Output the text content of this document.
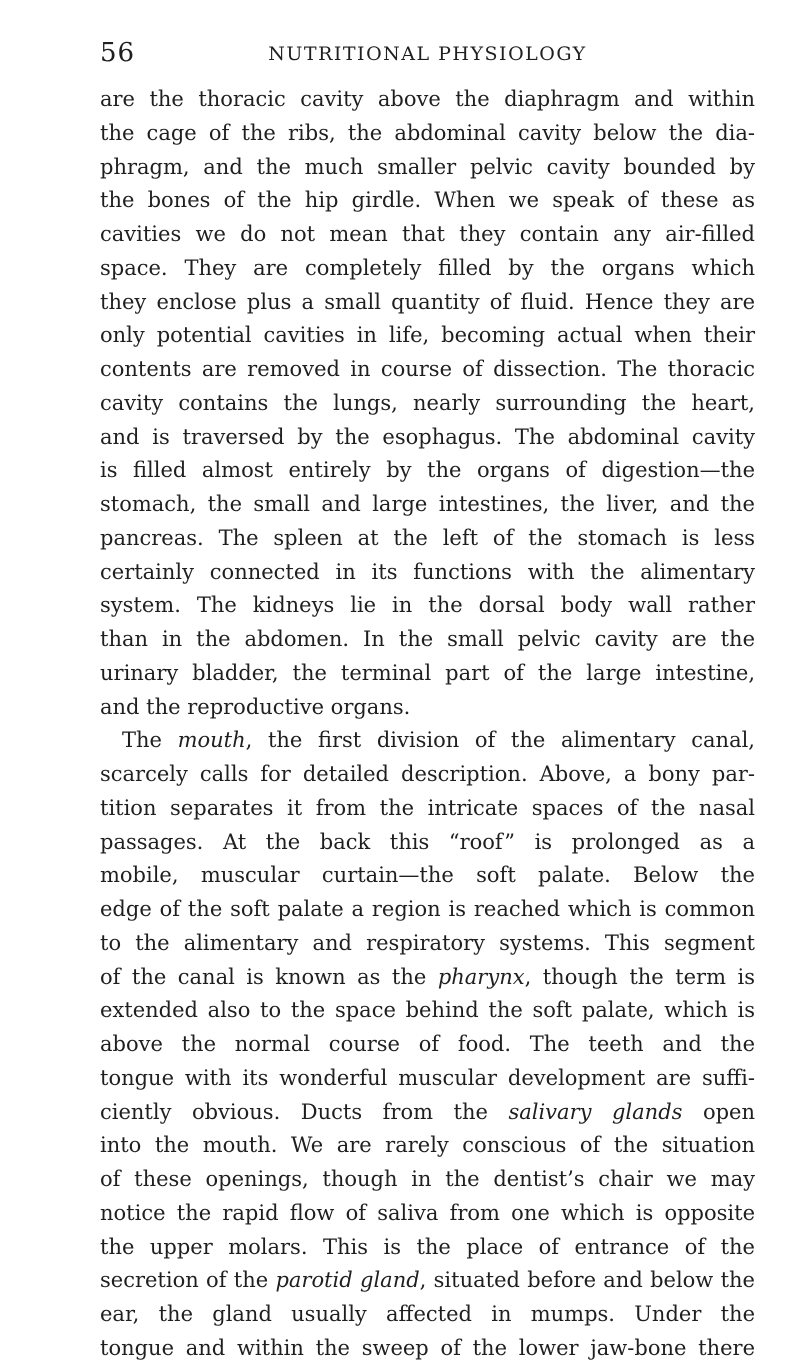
56	NUTRITIONAL PHYSIOLOGY
are the thoracic cavity above the diaphragm and within
the cage of the ribs, the abdominal cavity below the dia-
phragm, and the much smaller pelvic cavity bounded by
the bones of the hip girdle. When we speak of these as
cavities we do not mean that they contain any air-filled
space. They are completely filled by the organs which
they enclose plus a small quantity of fluid. Hence they are
only potential cavities in life, becoming actual when their
contents are removed in course of dissection. The thoracic
cavity contains the lungs, nearly surrounding the heart,
and is traversed by the esophagus. The abdominal cavity
is filled almost entirely by the organs of digestion—the
stomach, the small and large intestines, the liver, and the
pancreas. The spleen at the left of the stomach is less
certainly connected in its functions with the alimentary
system. The kidneys lie in the dorsal body wall rather
than in the abdomen. In the small pelvic cavity are the
urinary bladder, the terminal part of the large intestine,
and the reproductive organs.
The mouth, the first division of the alimentary canal,
scarcely calls for detailed description. Above, a bony par-
tition separates it from the intricate spaces of the nasal
passages. At the back this “roof” is prolonged as a
mobile, muscular curtain—the soft palate. Below the
edge of the soft palate a region is reached which is common
to the alimentary and respiratory systems. This segment
of the canal is known as the pharynx, though the term is
extended also to the space behind the soft palate, which is
above the normal course of food. The teeth and the
tongue with its wonderful muscular development are suffi-
ciently obvious. Ducts from the salivary glands open
into the mouth. We are rarely conscious of the situation
of these openings, though in the dentist’s chair we may
notice the rapid flow of saliva from one which is opposite
the upper molars. This is the place of entrance of the
secretion of the parotid gland, situated before and below the
ear, the gland usually affected in mumps. Under the
tongue and within the sweep of the lower jaw-bone there
